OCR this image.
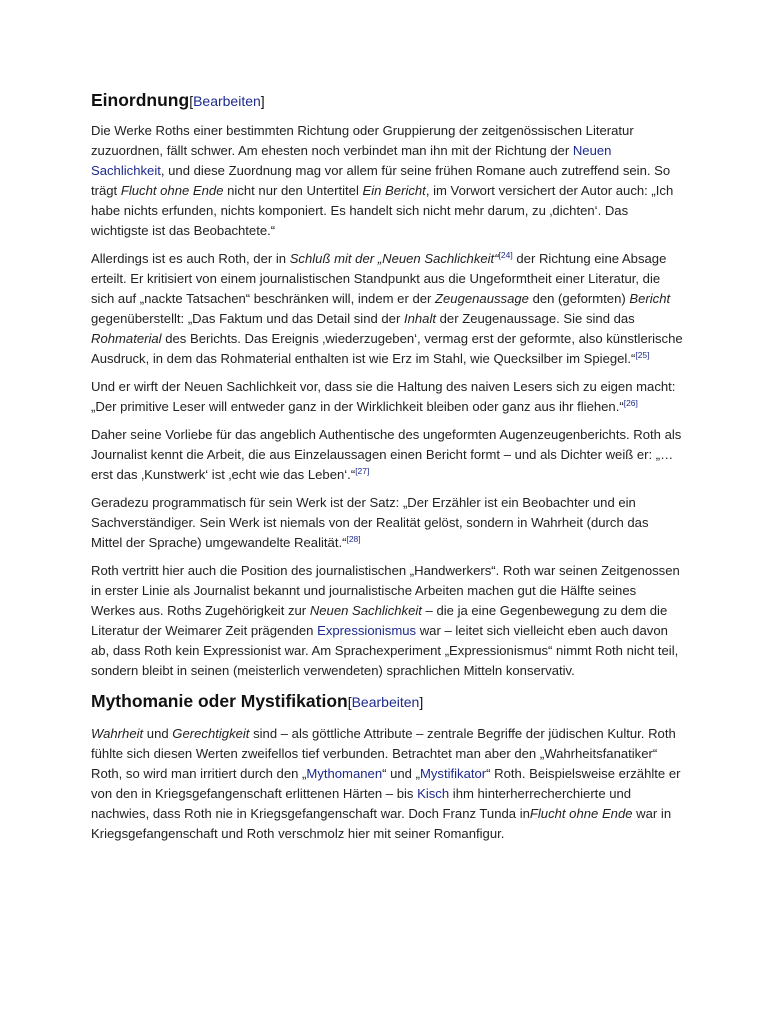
Einordnung[Bearbeiten]

Die Werke Roths einer bestimmten Richtung oder Gruppierung der zeitgenössischen Literatur zuzuordnen, fällt schwer. Am ehesten noch verbindet man ihn mit der Richtung der Neuen Sachlichkeit, und diese Zuordnung mag vor allem für seine frühen Romane auch zutreffend sein. So trägt Flucht ohne Ende nicht nur den Untertitel Ein Bericht, im Vorwort versichert der Autor auch: „Ich habe nichts erfunden, nichts komponiert. Es handelt sich nicht mehr darum, zu ‚dichten‘. Das wichtigste ist das Beobachtete.“

Allerdings ist es auch Roth, der in Schluß mit der „Neuen Sachlichkeit“[24] der Richtung eine Absage erteilt. Er kritisiert von einem journalistischen Standpunkt aus die Ungeformtheit einer Literatur, die sich auf „nackte Tatsachen“ beschränken will, indem er der Zeugenaussage den (geformten) Bericht gegenüberstellt: „Das Faktum und das Detail sind der Inhalt der Zeugenaussage. Sie sind das Rohmaterial des Berichts. Das Ereignis ‚wiederzugeben‘, vermag erst der geformte, also künstlerische Ausdruck, in dem das Rohmaterial enthalten ist wie Erz im Stahl, wie Quecksilber im Spiegel.“[25]

Und er wirft der Neuen Sachlichkeit vor, dass sie die Haltung des naiven Lesers sich zu eigen macht: „Der primitive Leser will entweder ganz in der Wirklichkeit bleiben oder ganz aus ihr fliehen.“[26]

Daher seine Vorliebe für das angeblich Authentische des ungeformten Augenzeugenberichts. Roth als Journalist kennt die Arbeit, die aus Einzelaussagen einen Bericht formt – und als Dichter weiß er: „… erst das ‚Kunstwerk‘ ist ‚echt wie das Leben‘.“[27]

Geradezu programmatisch für sein Werk ist der Satz: „Der Erzähler ist ein Beobachter und ein Sachverständiger. Sein Werk ist niemals von der Realität gelöst, sondern in Wahrheit (durch das Mittel der Sprache) umgewandelte Realität.“[28]

Roth vertritt hier auch die Position des journalistischen „Handwerkers“. Roth war seinen Zeitgenossen in erster Linie als Journalist bekannt und journalistische Arbeiten machen gut die Hälfte seines Werkes aus. Roths Zugehörigkeit zur Neuen Sachlichkeit – die ja eine Gegenbewegung zu dem die Literatur der Weimarer Zeit prägenden Expressionismus war – leitet sich vielleicht eben auch davon ab, dass Roth kein Expressionist war. Am Sprachexperiment „Expressionismus“ nimmt Roth nicht teil, sondern bleibt in seinen (meisterlich verwendeten) sprachlichen Mitteln konservativ.

Mythomanie oder Mystifikation[Bearbeiten]

Wahrheit und Gerechtigkeit sind – als göttliche Attribute – zentrale Begriffe der jüdischen Kultur. Roth fühlte sich diesen Werten zweifellos tief verbunden. Betrachtet man aber den „Wahrheitsfanatiker“ Roth, so wird man irritiert durch den „Mythomanen“ und „Mystifikator“ Roth. Beispielsweise erzählte er von den in Kriegsgefangenschaft erlittenen Härten – bis Kisch ihm hinterherrecherchierte und nachwies, dass Roth nie in Kriegsgefangenschaft war. Doch Franz Tunda inFlucht ohne Ende war in Kriegsgefangenschaft und Roth verschmolz hier mit seiner Romanfigur.
